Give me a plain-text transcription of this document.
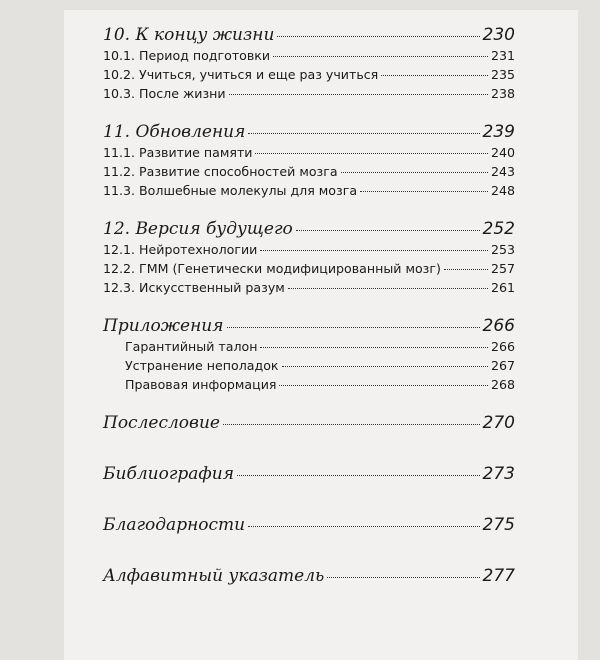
10. К концу жизни	230
10.1. Период подготовки	231
10.2. Учиться, учиться и еще раз учиться	235
10.3. После жизни	238
11. Обновления	239
11.1. Развитие памяти	240
11.2. Развитие способностей мозга	243
11.3. Волшебные молекулы для мозга	248
12. Версия будущего	252
12.1. Нейротехнологии	253
12.2. ГММ (Генетически модифицированный мозг)	257
12.3. Искусственный разум	261
Приложения	266
Гарантийный талон	266
Устранение неполадок	267
Правовая информация	268
Послесловие	270
Библиография	273
Благодарности	275
Алфавитный указатель	277
